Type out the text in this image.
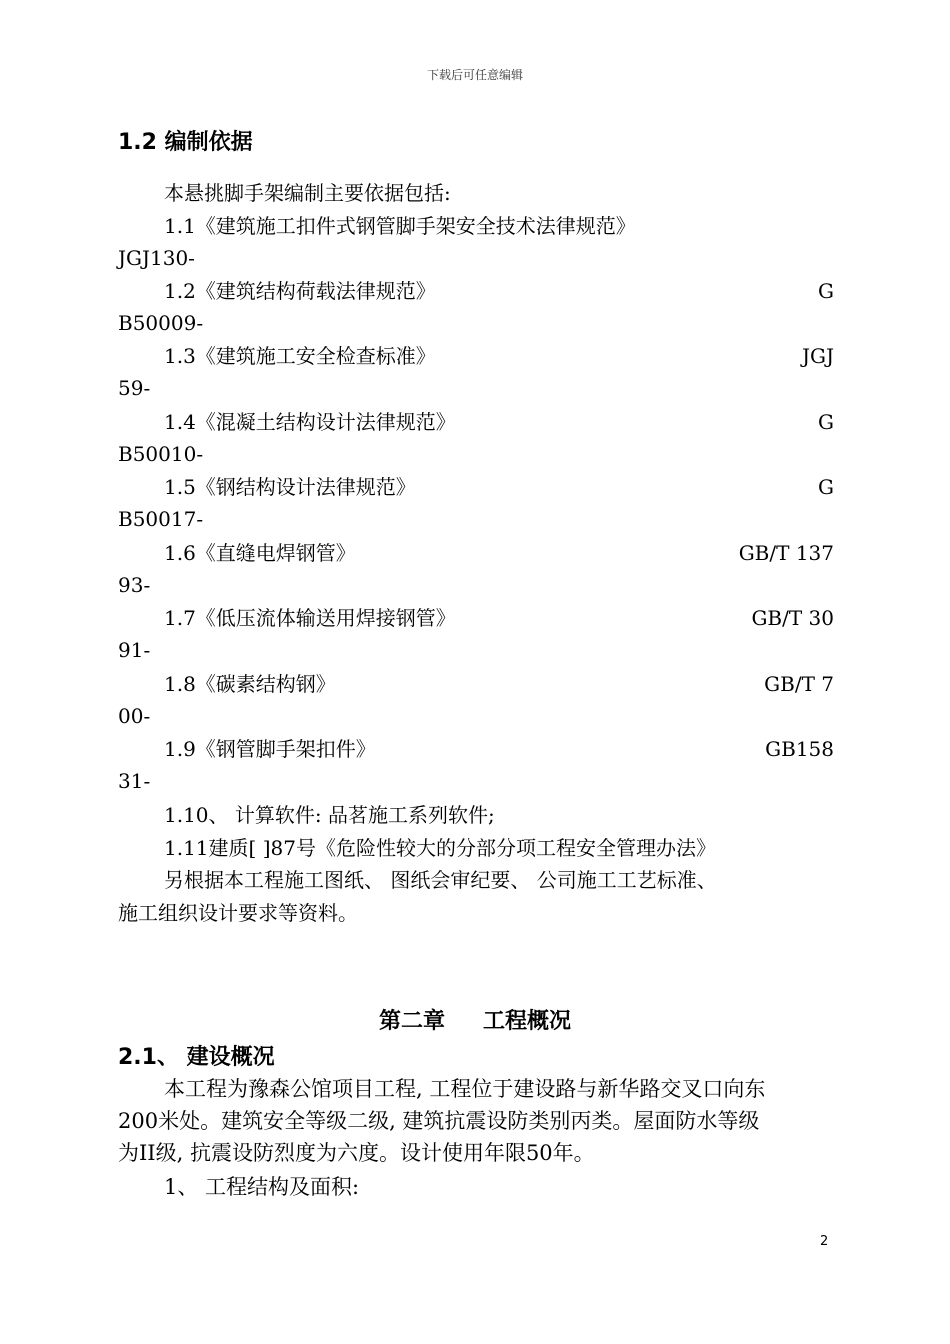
下载后可任意编辑
1.2 编制依据
本悬挑脚手架编制主要依据包括:
1.1《建筑施工扣件式钢管脚手架安全技术法律规范》
JGJ130-
1.2《建筑结构荷载法律规范》	G
B50009-
1.3《建筑施工安全检查标准》	JGJ
59-
1.4《混凝土结构设计法律规范》	G
B50010-
1.5《钢结构设计法律规范》	G
B50017-
1.6《直缝电焊钢管》	GB/T 137
93-
1.7《低压流体输送用焊接钢管》	GB/T 30
91-
1.8《碳素结构钢》	GB/T 7
00-
1.9《钢管脚手架扣件》	GB158
31-
1.10、 计算软件: 品茗施工系列软件;
1.11建质[ ]87号《危险性较大的分部分项工程安全管理办法》
另根据本工程施工图纸、 图纸会审纪要、 公司施工工艺标准、
施工组织设计要求等资料。
第二章 工程概况
2.1、 建设概况
本工程为豫森公馆项目工程, 工程位于建设路与新华路交叉口向东
200米处。建筑安全等级二级, 建筑抗震设防类别丙类。屋面防水等级
为II级, 抗震设防烈度为六度。设计使用年限50年。
1、 工程结构及面积:
2
